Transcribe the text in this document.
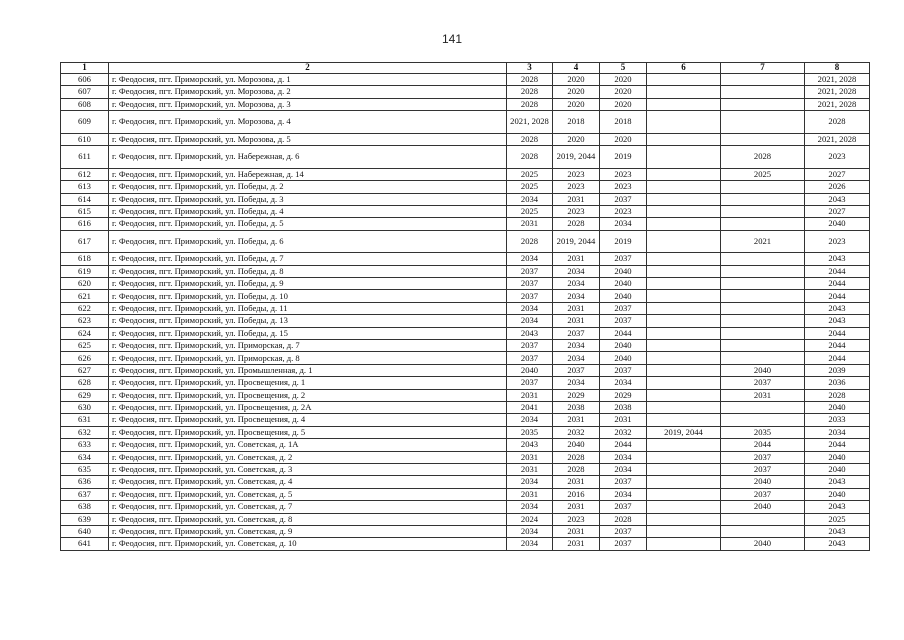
141
1	2	3	4	5	6	7	8
606	г. Феодосия, пгт. Приморский, ул. Морозова, д. 1	2028	2020	2020			2021, 2028
607	г. Феодосия, пгт. Приморский, ул. Морозова, д. 2	2028	2020	2020			2021, 2028
608	г. Феодосия, пгт. Приморский, ул. Морозова, д. 3	2028	2020	2020			2021, 2028
609	г. Феодосия, пгт. Приморский, ул. Морозова, д. 4	2021, 2028	2018	2018			2028
610	г. Феодосия, пгт. Приморский, ул. Морозова, д. 5	2028	2020	2020			2021, 2028
611	г. Феодосия, пгт. Приморский, ул. Набережная, д. 6	2028	2019, 2044	2019		2028	2023
612	г. Феодосия, пгт. Приморский, ул. Набережная, д. 14	2025	2023	2023		2025	2027
613	г. Феодосия, пгт. Приморский, ул. Победы, д. 2	2025	2023	2023			2026
614	г. Феодосия, пгт. Приморский, ул. Победы, д. 3	2034	2031	2037			2043
615	г. Феодосия, пгт. Приморский, ул. Победы, д. 4	2025	2023	2023			2027
616	г. Феодосия, пгт. Приморский, ул. Победы, д. 5	2031	2028	2034			2040
617	г. Феодосия, пгт. Приморский, ул. Победы, д. 6	2028	2019, 2044	2019		2021	2023
618	г. Феодосия, пгт. Приморский, ул. Победы, д. 7	2034	2031	2037			2043
619	г. Феодосия, пгт. Приморский, ул. Победы, д. 8	2037	2034	2040			2044
620	г. Феодосия, пгт. Приморский, ул. Победы, д. 9	2037	2034	2040			2044
621	г. Феодосия, пгт. Приморский, ул. Победы, д. 10	2037	2034	2040			2044
622	г. Феодосия, пгт. Приморский, ул. Победы, д. 11	2034	2031	2037			2043
623	г. Феодосия, пгт. Приморский, ул. Победы, д. 13	2034	2031	2037			2043
624	г. Феодосия, пгт. Приморский, ул. Победы, д. 15	2043	2037	2044			2044
625	г. Феодосия, пгт. Приморский, ул. Приморская, д. 7	2037	2034	2040			2044
626	г. Феодосия, пгт. Приморский, ул. Приморская, д. 8	2037	2034	2040			2044
627	г. Феодосия, пгт. Приморский, ул. Промышленная, д. 1	2040	2037	2037		2040	2039
628	г. Феодосия, пгт. Приморский, ул. Просвещения, д. 1	2037	2034	2034		2037	2036
629	г. Феодосия, пгт. Приморский, ул. Просвещения, д. 2	2031	2029	2029		2031	2028
630	г. Феодосия, пгт. Приморский, ул. Просвещения, д. 2А	2041	2038	2038			2040
631	г. Феодосия, пгт. Приморский, ул. Просвещения, д. 4	2034	2031	2031			2033
632	г. Феодосия, пгт. Приморский, ул. Просвещения, д. 5	2035	2032	2032	2019, 2044	2035	2034
633	г. Феодосия, пгт. Приморский, ул. Советская, д. 1А	2043	2040	2044		2044	2044
634	г. Феодосия, пгт. Приморский, ул. Советская, д. 2	2031	2028	2034		2037	2040
635	г. Феодосия, пгт. Приморский, ул. Советская, д. 3	2031	2028	2034		2037	2040
636	г. Феодосия, пгт. Приморский, ул. Советская, д. 4	2034	2031	2037		2040	2043
637	г. Феодосия, пгт. Приморский, ул. Советская, д. 5	2031	2016	2034		2037	2040
638	г. Феодосия, пгт. Приморский, ул. Советская, д. 7	2034	2031	2037		2040	2043
639	г. Феодосия, пгт. Приморский, ул. Советская, д. 8	2024	2023	2028			2025
640	г. Феодосия, пгт. Приморский, ул. Советская, д. 9	2034	2031	2037			2043
641	г. Феодосия, пгт. Приморский, ул. Советская, д. 10	2034	2031	2037		2040	2043
